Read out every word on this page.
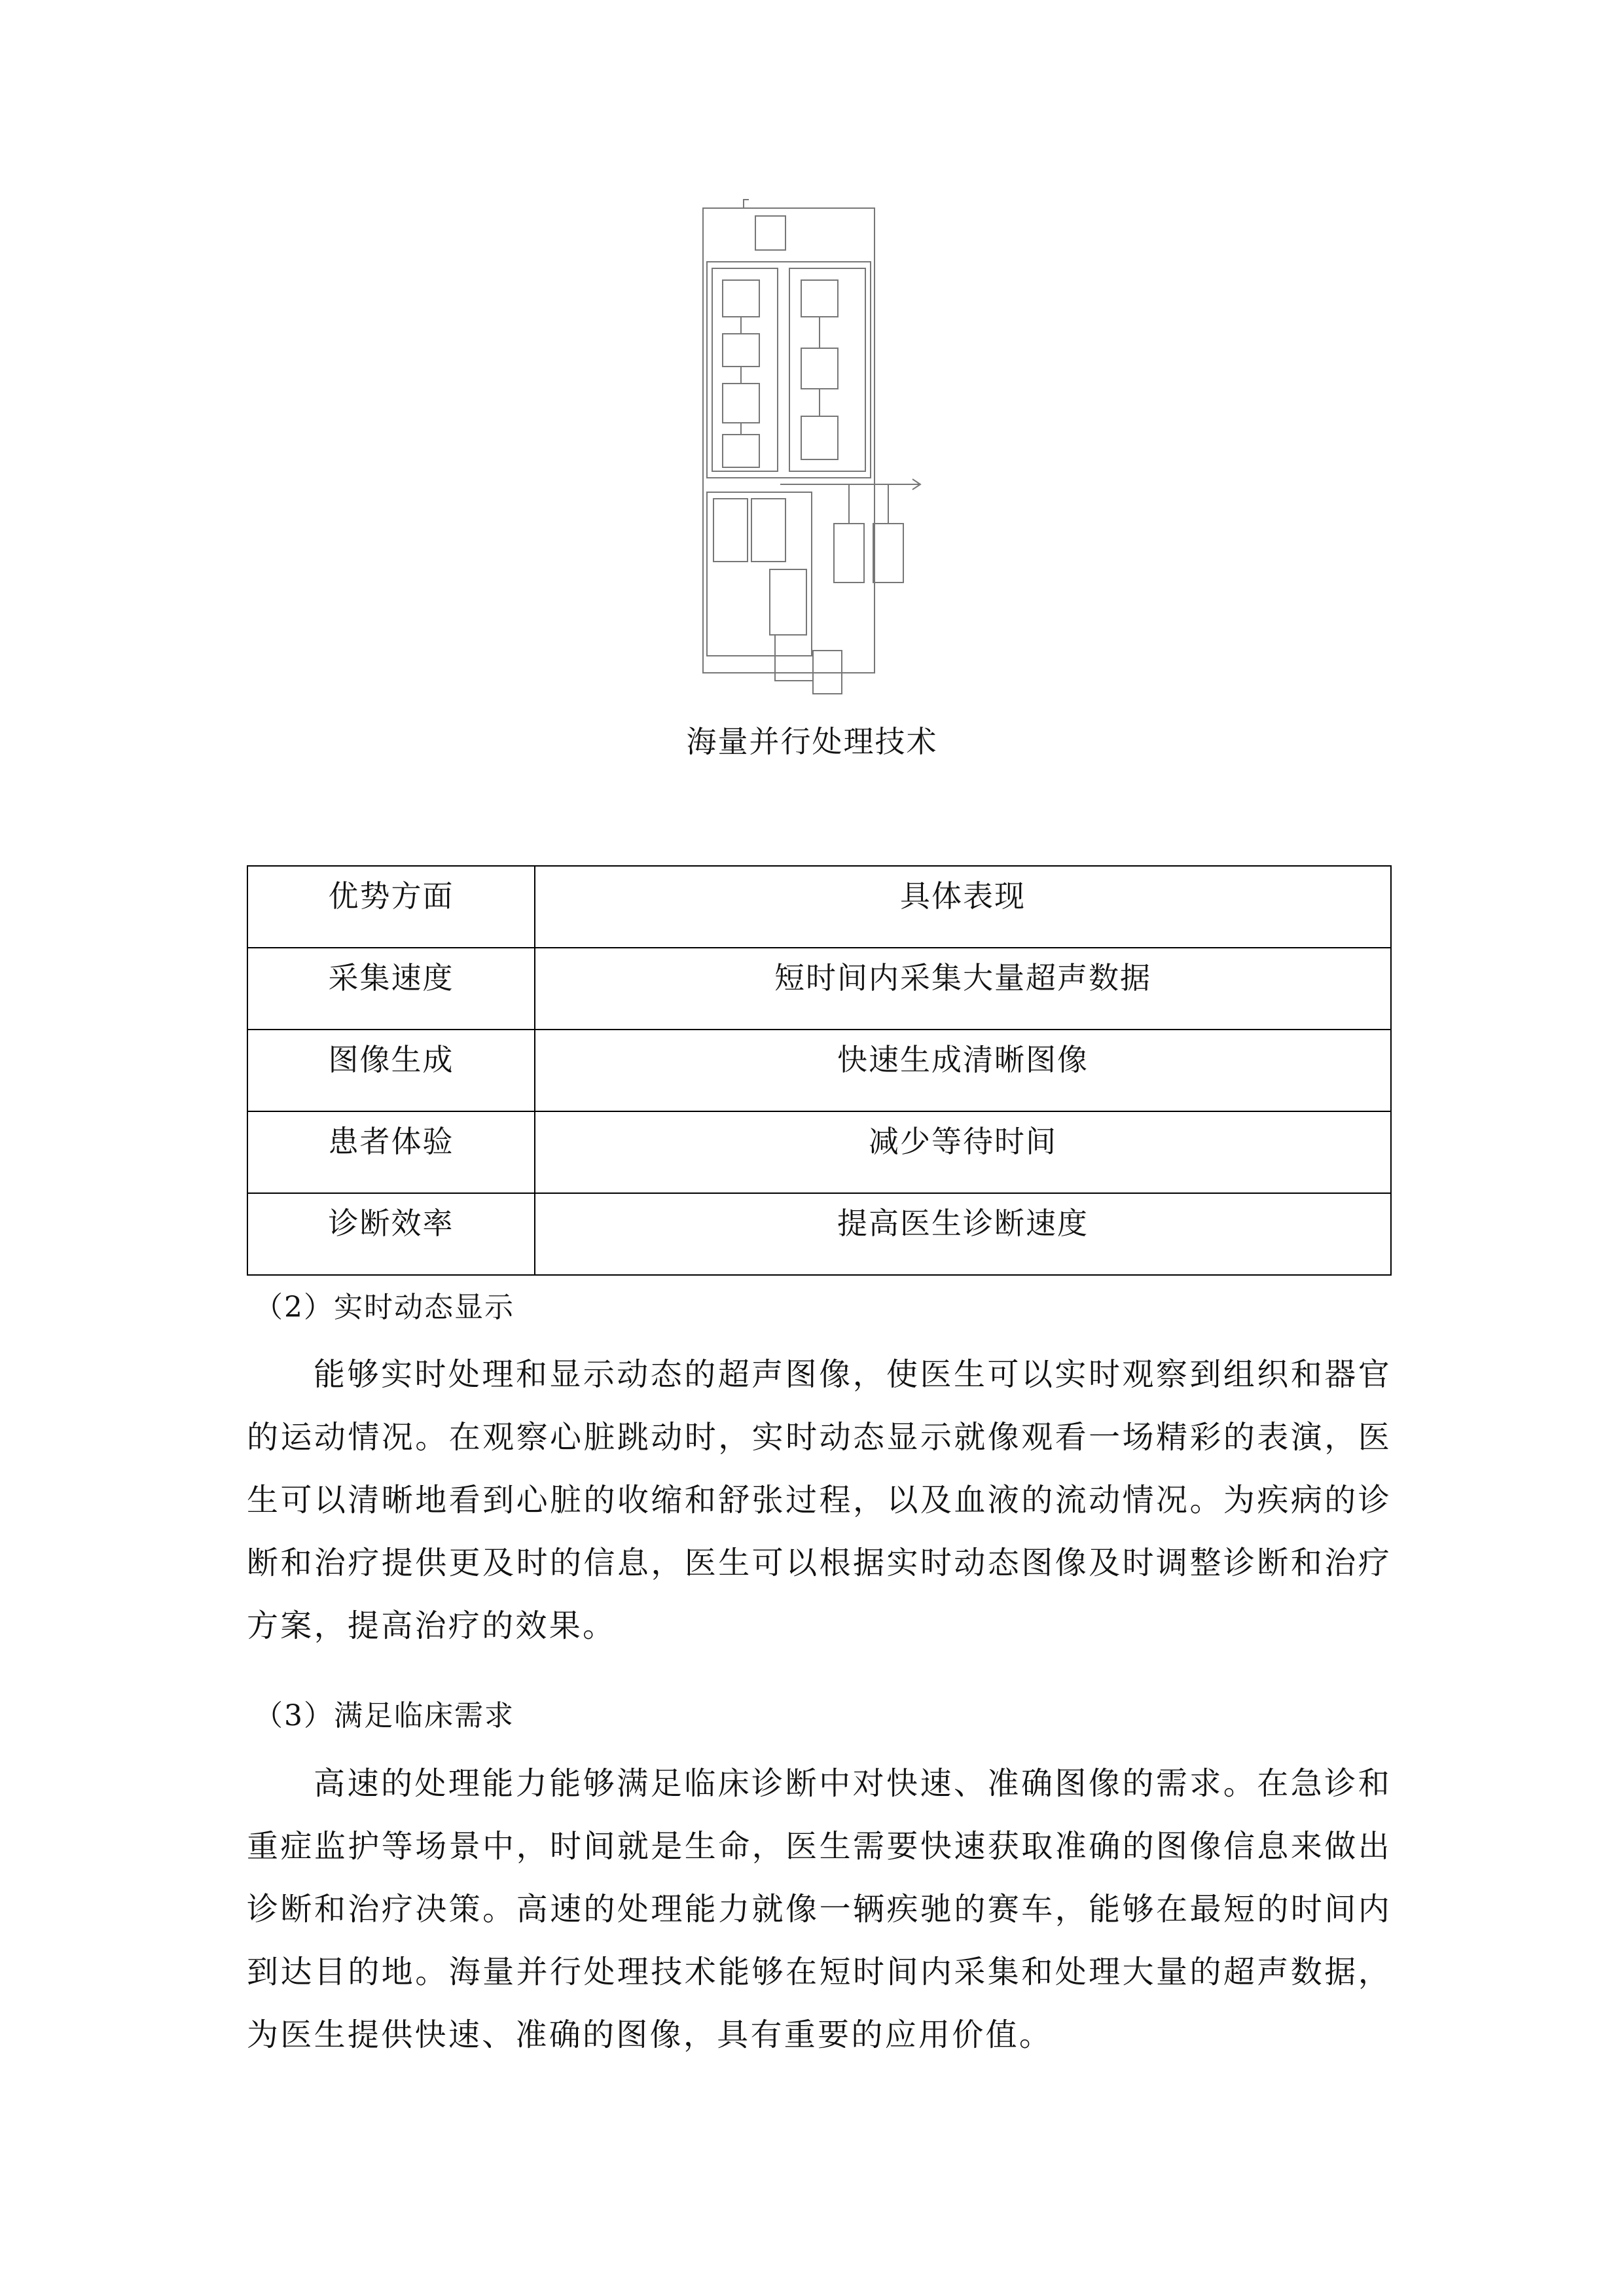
海量并行处理技术
优势方面	具体表现

采集速度	短时间内采集大量超声数据

图像生成	快速生成清晰图像

患者体验	减少等待时间

诊断效率	提高医生诊断速度
（2）实时动态显示

能够实时处理和显示动态的超声图像，使医生可以实时观察到组织和器官的运动情况。在观察心脏跳动时，实时动态显示就像观看一场精彩的表演，医生可以清晰地看到心脏的收缩和舒张过程，以及血液的流动情况。为疾病的诊断和治疗提供更及时的信息，医生可以根据实时动态图像及时调整诊断和治疗方案，提高治疗的效果。

（3）满足临床需求

高速的处理能力能够满足临床诊断中对快速、准确图像的需求。在急诊和重症监护等场景中，时间就是生命，医生需要快速获取准确的图像信息来做出诊断和治疗决策。高速的处理能力就像一辆疾驰的赛车，能够在最短的时间内到达目的地。海量并行处理技术能够在短时间内采集和处理大量的超声数据，为医生提供快速、准确的图像，具有重要的应用价值。
